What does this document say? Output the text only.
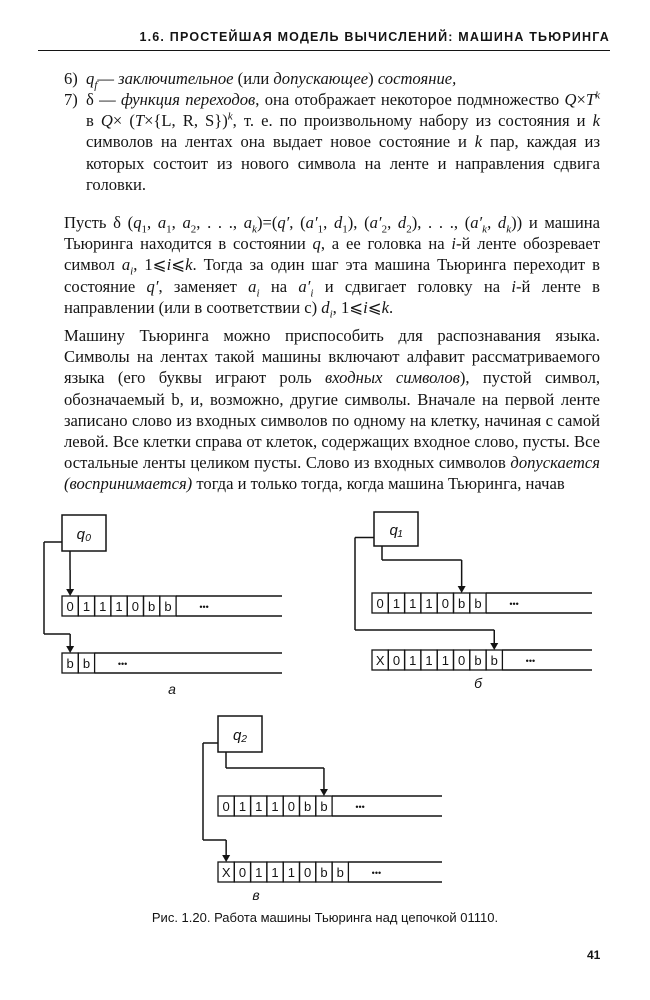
1.6. ПРОСТЕЙШАЯ МОДЕЛЬ ВЫЧИСЛЕНИЙ: МАШИНА ТЬЮРИНГА
6) $q_f—$ заключительное (или допускающее) состояние,
7) δ — функция переходов, она отображает некоторое подмножество $Q\times T^k$ в Q× (T×{L, R, S})$^k$, т. е. по произвольному набору из состояния и k символов на лентах она выдает новое состояние и k пар, каждая из которых состоит из нового символа на ленте и направления сдвига головки.

Пусть δ ($q_1$, $a_1$, $a_2$, . . ., $a_k)=(q'$, ($a'_1$, $d_1$), ($a'_2$, $d_2$), . . ., ($a'_k$, $d_k$)) и машина Тьюринга находится в состоянии q, а ее головка на i-й ленте обозревает символ $a_i$, 1⩽i⩽k. Тогда за один шаг эта машина Тьюринга переходит в состояние q′, заменяет $a_i$ на $a'_i$ и сдвигает головку на i-й ленте в направлении (или в соответствии с) $d_i$, 1⩽i⩽k.

Машину Тьюринга можно приспособить для распознавания языка. Символы на лентах такой машины включают алфавит рассматриваемого языка (его буквы играют роль входных символов), пустой символ, обозначаемый b, и, возможно, другие символы. Вначале на первой ленте записано слово из входных символов по одному на клетку, начиная с самой левой. Все клетки справа от клеток, содержащих входное слово, пусты. Все остальные ленты целиком пусты. Слово из входных символов допускается (воспринимается) тогда и только тогда, когда машина Тьюринга, начав

q₀
0 1 1 1 0 b b	•••
b b	•••
а
q₁
0 1 1 1 0 b b	•••
X 0 1 1 1 0 b b	•••
б
q₂
0 1 1 1 0 b b	•••
X 0 1 1 1 0 b b	•••
в
Рис. 1.20. Работа машины Тьюринга над цепочкой 01110.
41
